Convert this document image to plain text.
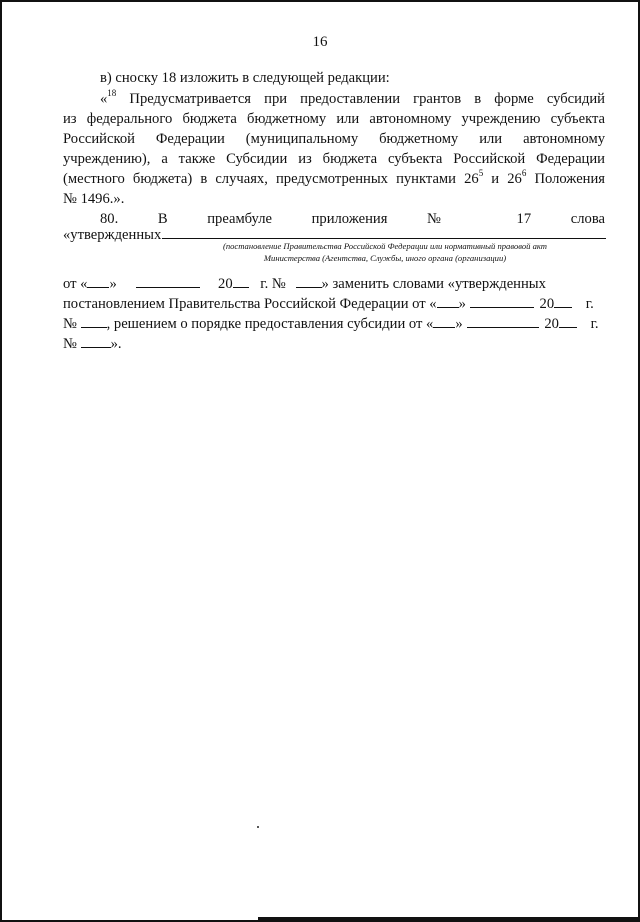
16
в) сноску 18 изложить в следующей редакции:
«$^{18}$ Предусматривается при предоставлении грантов в форме субсидий
из федерального бюджета бюджетному или автономному учреждению субъекта
Российской Федерации (муниципальному бюджетному или автономному
учреждению), а также Субсидии из бюджета субъекта Российской Федерации
(местного бюджета) в случаях, предусмотренных пунктами $26^5$ и $26^6$ Положения
№ 1496.».
80. В преамбуле приложения № 17 слова
«утвержденных
(постановление Правительства Российской Федерации или нормативный правовой акт
Министерства (Агентства, Службы, иного органа (организации)
от « »	20 г. № » заменить словами «утвержденных
постановлением Правительства Российской Федерации от « »	20 г.
№ , решением о порядке предоставления субсидии от « »	20 г.
№ ».
